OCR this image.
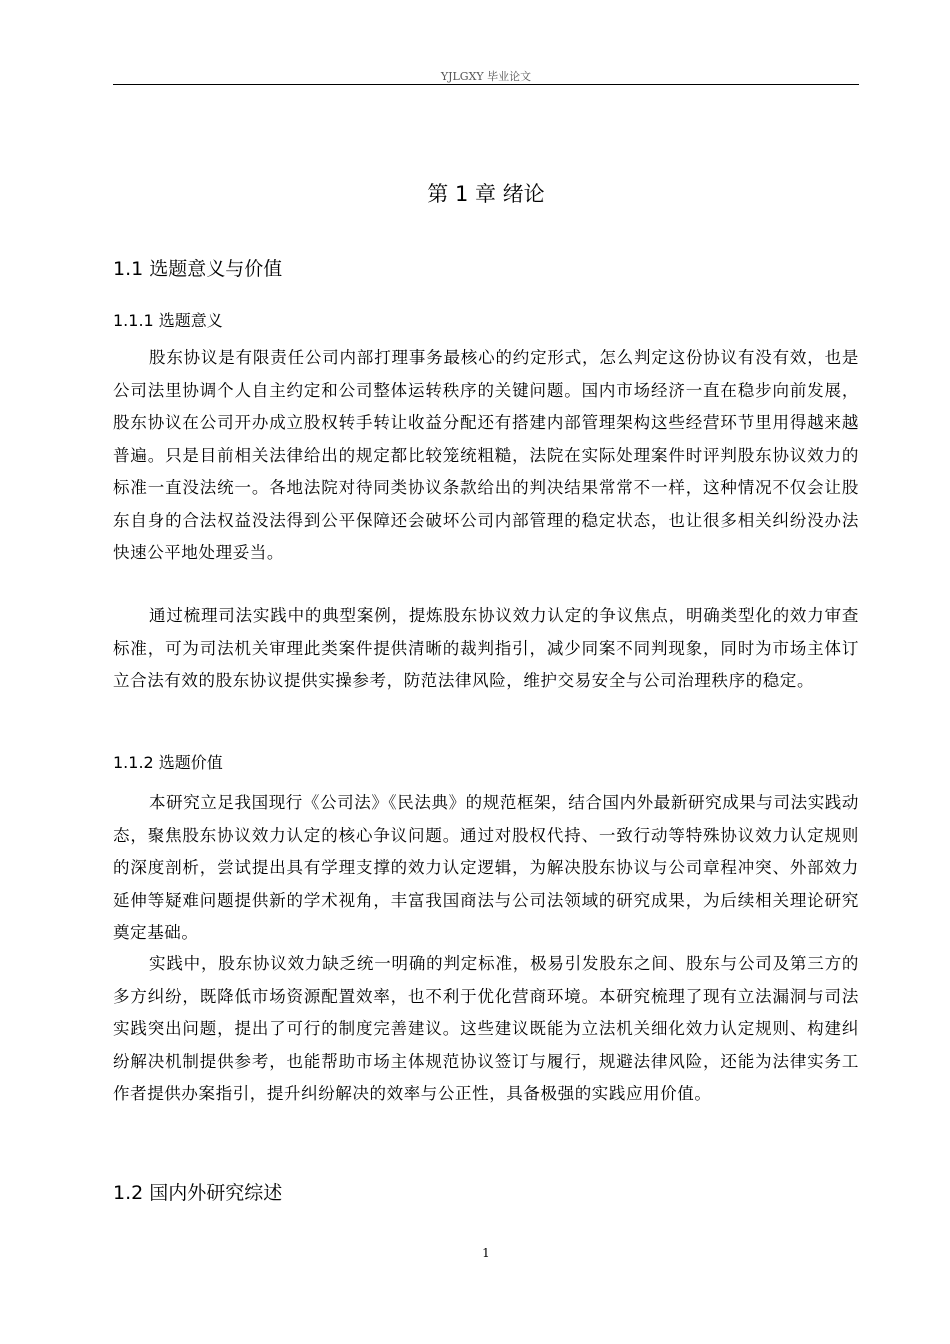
YJLGXY 毕业论文
第 1 章 绪论
1.1 选题意义与价值
1.1.1 选题意义

股东协议是有限责任公司内部打理事务最核心的约定形式，怎么判定这份协议有没有效，也是公司法里协调个人自主约定和公司整体运转秩序的关键问题。国内市场经济一直在稳步向前发展，股东协议在公司开办成立股权转手转让收益分配还有搭建内部管理架构这些经营环节里用得越来越普遍。只是目前相关法律给出的规定都比较笼统粗糙，法院在实际处理案件时评判股东协议效力的标准一直没法统一。各地法院对待同类协议条款给出的判决结果常常不一样，这种情况不仅会让股东自身的合法权益没法得到公平保障还会破坏公司内部管理的稳定状态，也让很多相关纠纷没办法快速公平地处理妥当。

通过梳理司法实践中的典型案例，提炼股东协议效力认定的争议焦点，明确类型化的效力审查标准，可为司法机关审理此类案件提供清晰的裁判指引，减少同案不同判现象，同时为市场主体订立合法有效的股东协议提供实操参考，防范法律风险，维护交易安全与公司治理秩序的稳定。

1.1.2 选题价值

本研究立足我国现行《公司法》《民法典》的规范框架，结合国内外最新研究成果与司法实践动态，聚焦股东协议效力认定的核心争议问题。通过对股权代持、一致行动等特殊协议效力认定规则的深度剖析，尝试提出具有学理支撑的效力认定逻辑，为解决股东协议与公司章程冲突、外部效力延伸等疑难问题提供新的学术视角，丰富我国商法与公司法领域的研究成果，为后续相关理论研究奠定基础。

实践中，股东协议效力缺乏统一明确的判定标准，极易引发股东之间、股东与公司及第三方的多方纠纷，既降低市场资源配置效率，也不利于优化营商环境。本研究梳理了现有立法漏洞与司法实践突出问题，提出了可行的制度完善建议。这些建议既能为立法机关细化效力认定规则、构建纠纷解决机制提供参考，也能帮助市场主体规范协议签订与履行，规避法律风险，还能为法律实务工作者提供办案指引，提升纠纷解决的效率与公正性，具备极强的实践应用价值。

1.2 国内外研究综述
1
